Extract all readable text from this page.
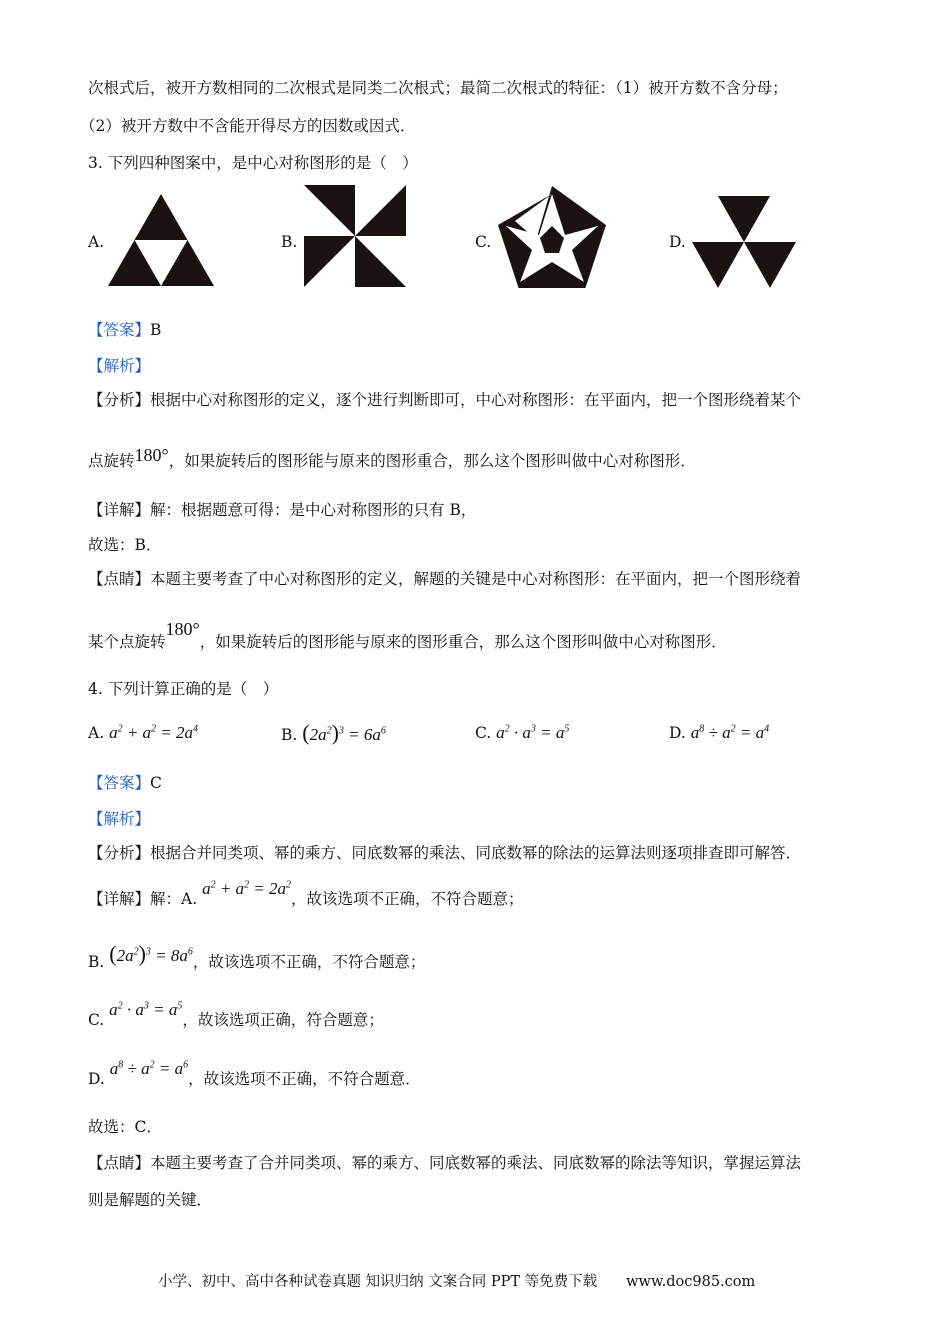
次根式后，被开方数相同的二次根式是同类二次根式；最简二次根式的特征：（1）被开方数不含分母；
（2）被开方数中不含能开得尽方的因数或因式．
3. 下列四种图案中，是中心对称图形的是（　）
A.	B.	C.	D.
【答案】B
【解析】
【分析】根据中心对称图形的定义，逐个进行判断即可，中心对称图形：在平面内，把一个图形绕着某个
点旋转180°，如果旋转后的图形能与原来的图形重合，那么这个图形叫做中心对称图形．
【详解】解：根据题意可得：是中心对称图形的只有 B，
故选：B．
【点睛】本题主要考查了中心对称图形的定义，解题的关键是中心对称图形：在平面内，把一个图形绕着
某个点旋转180°，如果旋转后的图形能与原来的图形重合，那么这个图形叫做中心对称图形．
4. 下列计算正确的是（　）
A. $a^2 + a^2 = 2a^4$	B. $(2a^2)^3 = 6a^6$	C. $a^2 \cdot a^3 = a^5$	D. $a^8 \div a^2 = a^4$
【答案】C
【解析】
【分析】根据合并同类项、幂的乘方、同底数幂的乘法、同底数幂的除法的运算法则逐项排查即可解答．
【详解】解：A. $a^2 + a^2 = 2a^2$，故该选项不正确，不符合题意；
B. $(2a^2)^3 = 8a^6$，故该选项不正确，不符合题意；
C. $a^2 \cdot a^3 = a^5$，故该选项正确，符合题意；
D. $a^8 \div a^2 = a^6$，故该选项不正确，不符合题意．
故选：C．
【点睛】本题主要考查了合并同类项、幂的乘方、同底数幂的乘法、同底数幂的除法等知识，掌握运算法
则是解题的关键．
小学、初中、高中各种试卷真题 知识归纳 文案合同 PPT 等免费下载　　www.doc985.com
